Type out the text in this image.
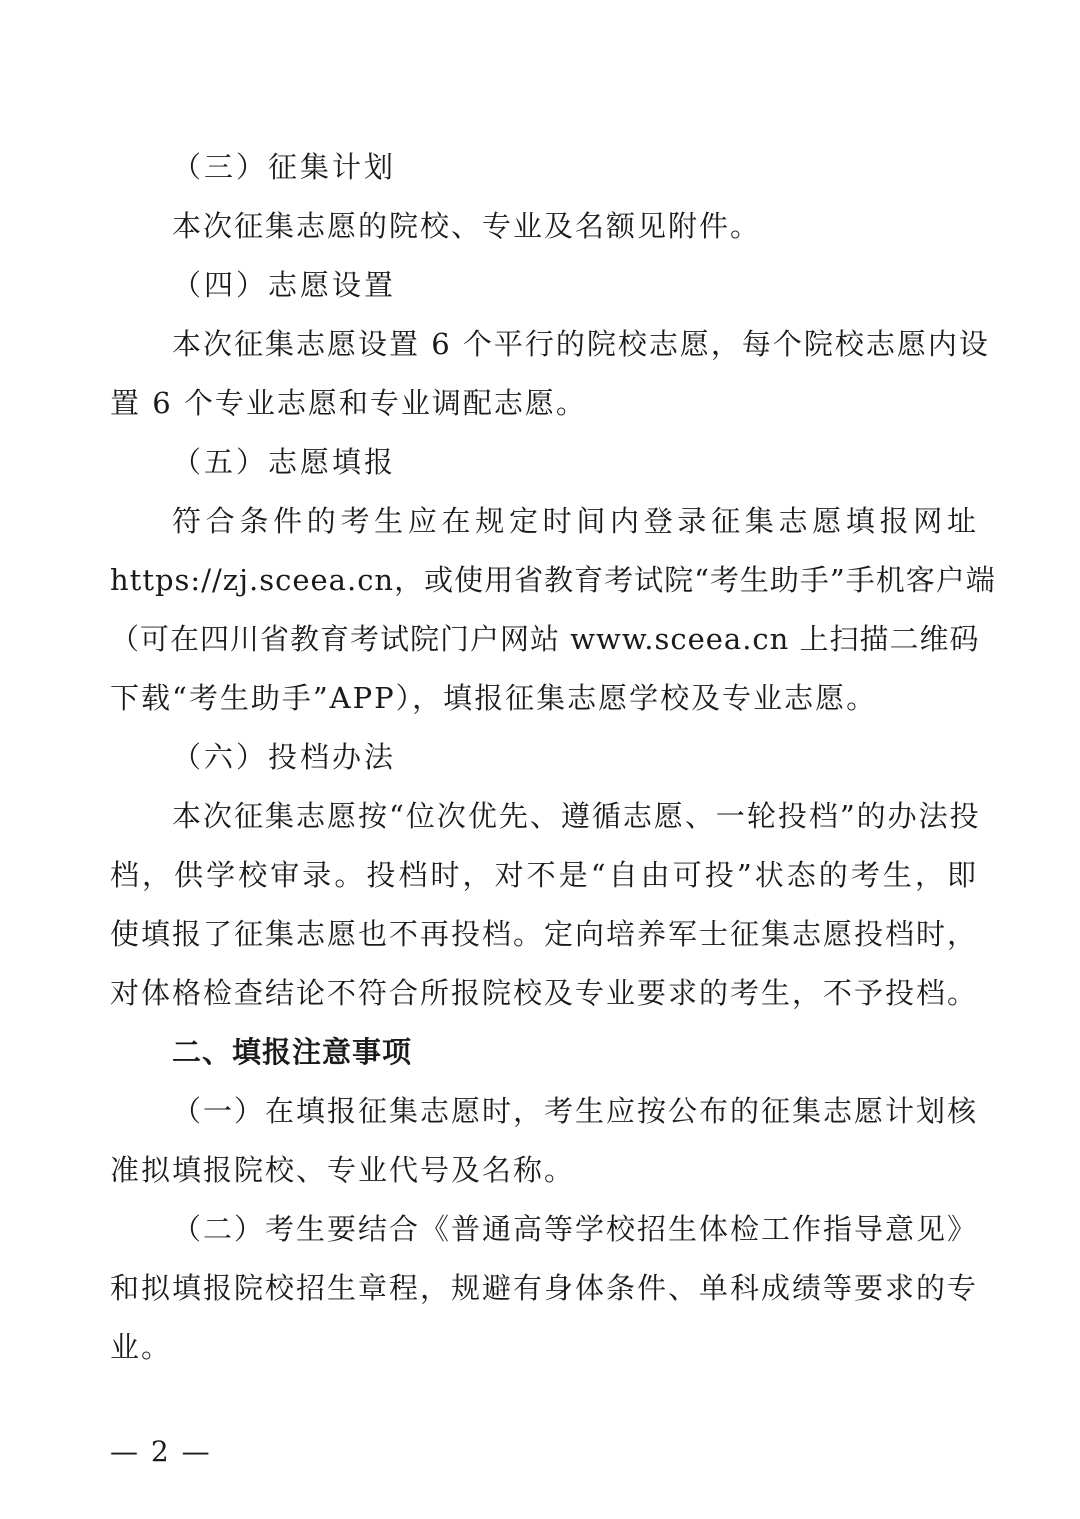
（三）征集计划
本次征集志愿的院校、专业及名额见附件。
（四）志愿设置
本次征集志愿设置 6 个平行的院校志愿，每个院校志愿内设
置 6 个专业志愿和专业调配志愿。
（五）志愿填报
符合条件的考生应在规定时间内登录征集志愿填报网址
https://zj.sceea.cn，或使用省教育考试院“考生助手”手机客户端
（可在四川省教育考试院门户网站 www.sceea.cn 上扫描二维码
下载“考生助手”APP），填报征集志愿学校及专业志愿。
（六）投档办法
本次征集志愿按“位次优先、遵循志愿、一轮投档”的办法投
档，供学校审录。投档时，对不是“自由可投”状态的考生，即
使填报了征集志愿也不再投档。定向培养军士征集志愿投档时，
对体格检查结论不符合所报院校及专业要求的考生，不予投档。
二、填报注意事项
（一）在填报征集志愿时，考生应按公布的征集志愿计划核
准拟填报院校、专业代号及名称。
（二）考生要结合《普通高等学校招生体检工作指导意见》
和拟填报院校招生章程，规避有身体条件、单科成绩等要求的专
业。
— 2 —
